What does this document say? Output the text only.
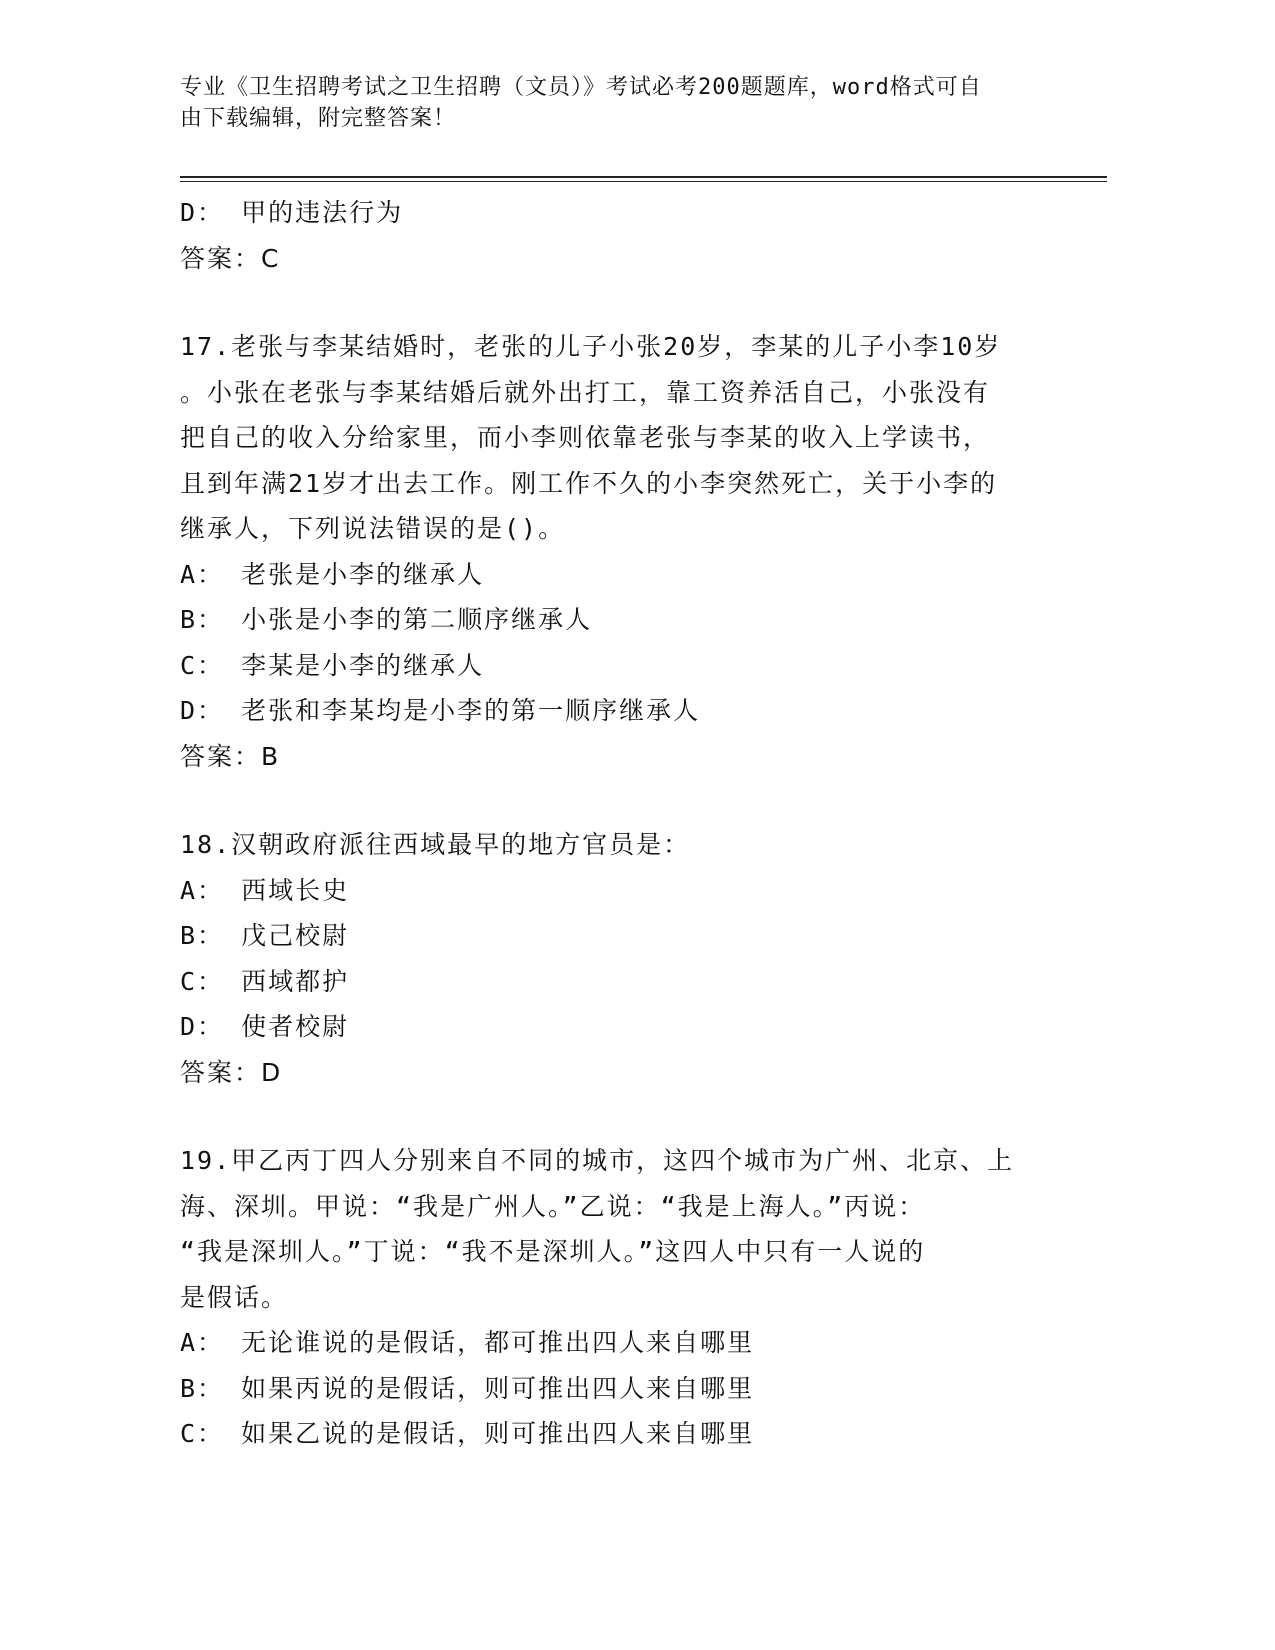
专业《卫生招聘考试之卫生招聘（文员）》考试必考200题题库，word格式可自
由下载编辑，附完整答案！
D： 甲的违法行为
答案：C
17.老张与李某结婚时，老张的儿子小张20岁，李某的儿子小李10岁
。小张在老张与李某结婚后就外出打工，靠工资养活自己，小张没有
把自己的收入分给家里，而小李则依靠老张与李某的收入上学读书，
且到年满21岁才出去工作。刚工作不久的小李突然死亡，关于小李的
继承人，下列说法错误的是()。
A： 老张是小李的继承人
B： 小张是小李的第二顺序继承人
C： 李某是小李的继承人
D： 老张和李某均是小李的第一顺序继承人
答案：B
18.汉朝政府派往西域最早的地方官员是：
A： 西域长史
B： 戊己校尉
C： 西域都护
D： 使者校尉
答案：D
19.甲乙丙丁四人分别来自不同的城市，这四个城市为广州、北京、上
海、深圳。甲说：“我是广州人。”乙说：“我是上海人。”丙说：
“我是深圳人。”丁说：“我不是深圳人。”这四人中只有一人说的
是假话。
A： 无论谁说的是假话，都可推出四人来自哪里
B： 如果丙说的是假话，则可推出四人来自哪里
C： 如果乙说的是假话，则可推出四人来自哪里
